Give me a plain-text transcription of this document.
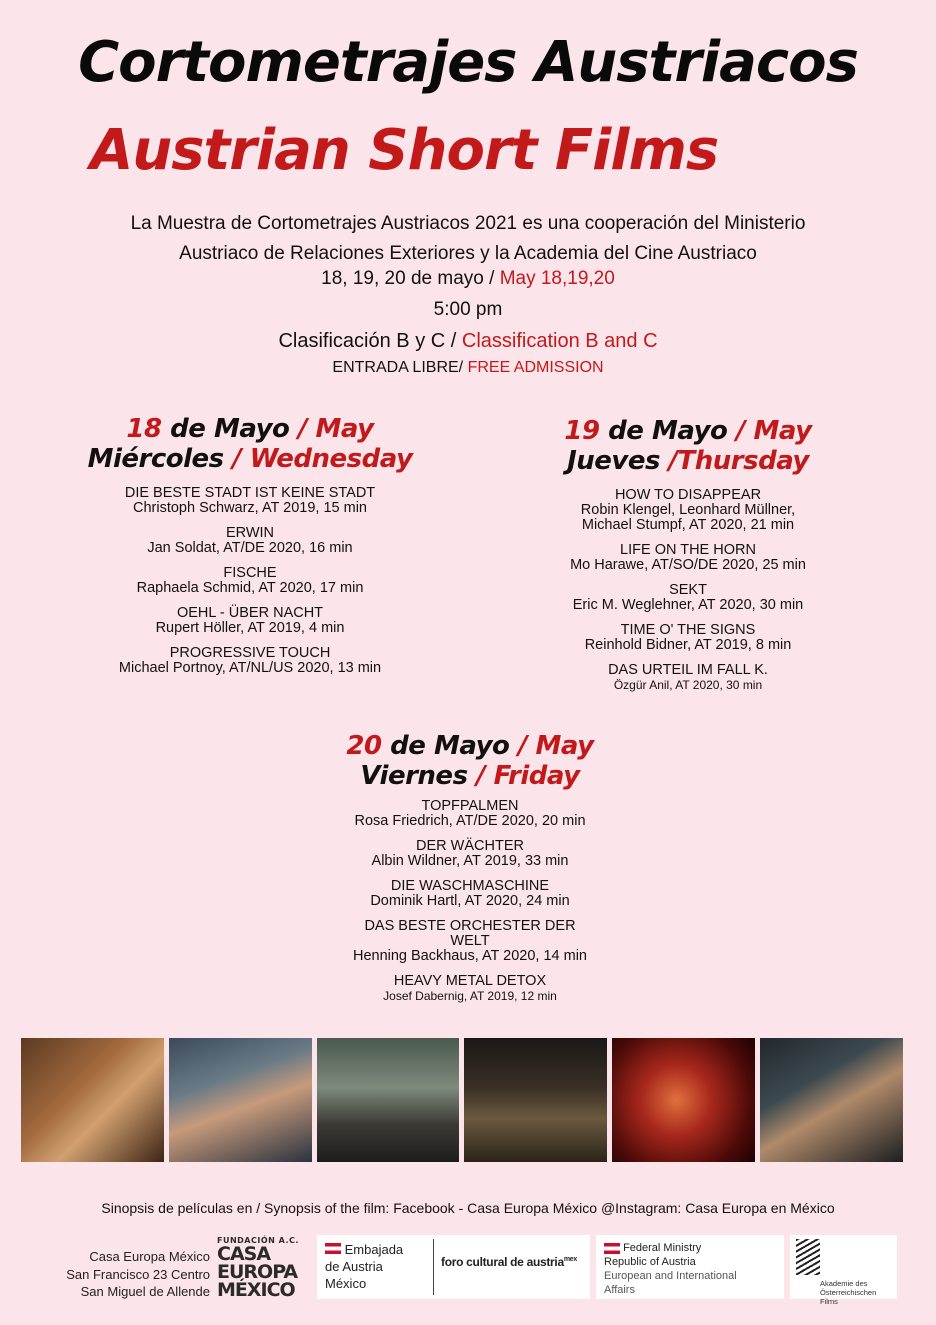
Cortometrajes Austriacos
Austrian Short Films
La Muestra de Cortometrajes Austriacos 2021 es una cooperación del Ministerio
Austriaco de Relaciones Exteriores y la Academia del Cine Austriaco
18, 19, 20 de mayo / May 18,19,20
5:00 pm
Clasificación B y C / Classification B and C
ENTRADA LIBRE/ FREE ADMISSION
18 de Mayo / May
Miércoles / Wednesday
DIE BESTE STADT IST KEINE STADT
Christoph Schwarz, AT 2019, 15 min
ERWIN
Jan Soldat, AT/DE 2020, 16 min
FISCHE
Raphaela Schmid, AT 2020, 17 min
OEHL - ÜBER NACHT
Rupert Höller, AT 2019, 4 min
PROGRESSIVE TOUCH
Michael Portnoy, AT/NL/US 2020, 13 min
19 de Mayo / May
Jueves /Thursday
HOW TO DISAPPEAR
Robin Klengel, Leonhard Müllner,
Michael Stumpf, AT 2020, 21 min
LIFE ON THE HORN
Mo Harawe, AT/SO/DE 2020, 25 min
SEKT
Eric M. Weglehner, AT 2020, 30 min
TIME O' THE SIGNS
Reinhold Bidner, AT 2019, 8 min
DAS URTEIL IM FALL K.
Özgür Anil, AT 2020, 30 min
20 de Mayo / May
Viernes / Friday
TOPFPALMEN
Rosa Friedrich, AT/DE 2020, 20 min
DER WÄCHTER
Albin Wildner, AT 2019, 33 min
DIE WASCHMASCHINE
Dominik Hartl, AT 2020, 24 min
DAS BESTE ORCHESTER DER
WELT
Henning Backhaus, AT 2020, 14 min
HEAVY METAL DETOX
Josef Dabernig, AT 2019, 12 min
Sinopsis de películas en / Synopsis of the film: Facebook - Casa Europa México @Instagram: Casa Europa en México
Casa Europa México
San Francisco 23 Centro
San Miguel de Allende
FUNDACIÓN A.C.
CASA
EUROPA
MÉXICO
Embajada
de Austria
México
foro cultural de austria$^{mex}$
Federal Ministry
Republic of Austria
European and International
Affairs
Akademie des
Österreichischen Films
